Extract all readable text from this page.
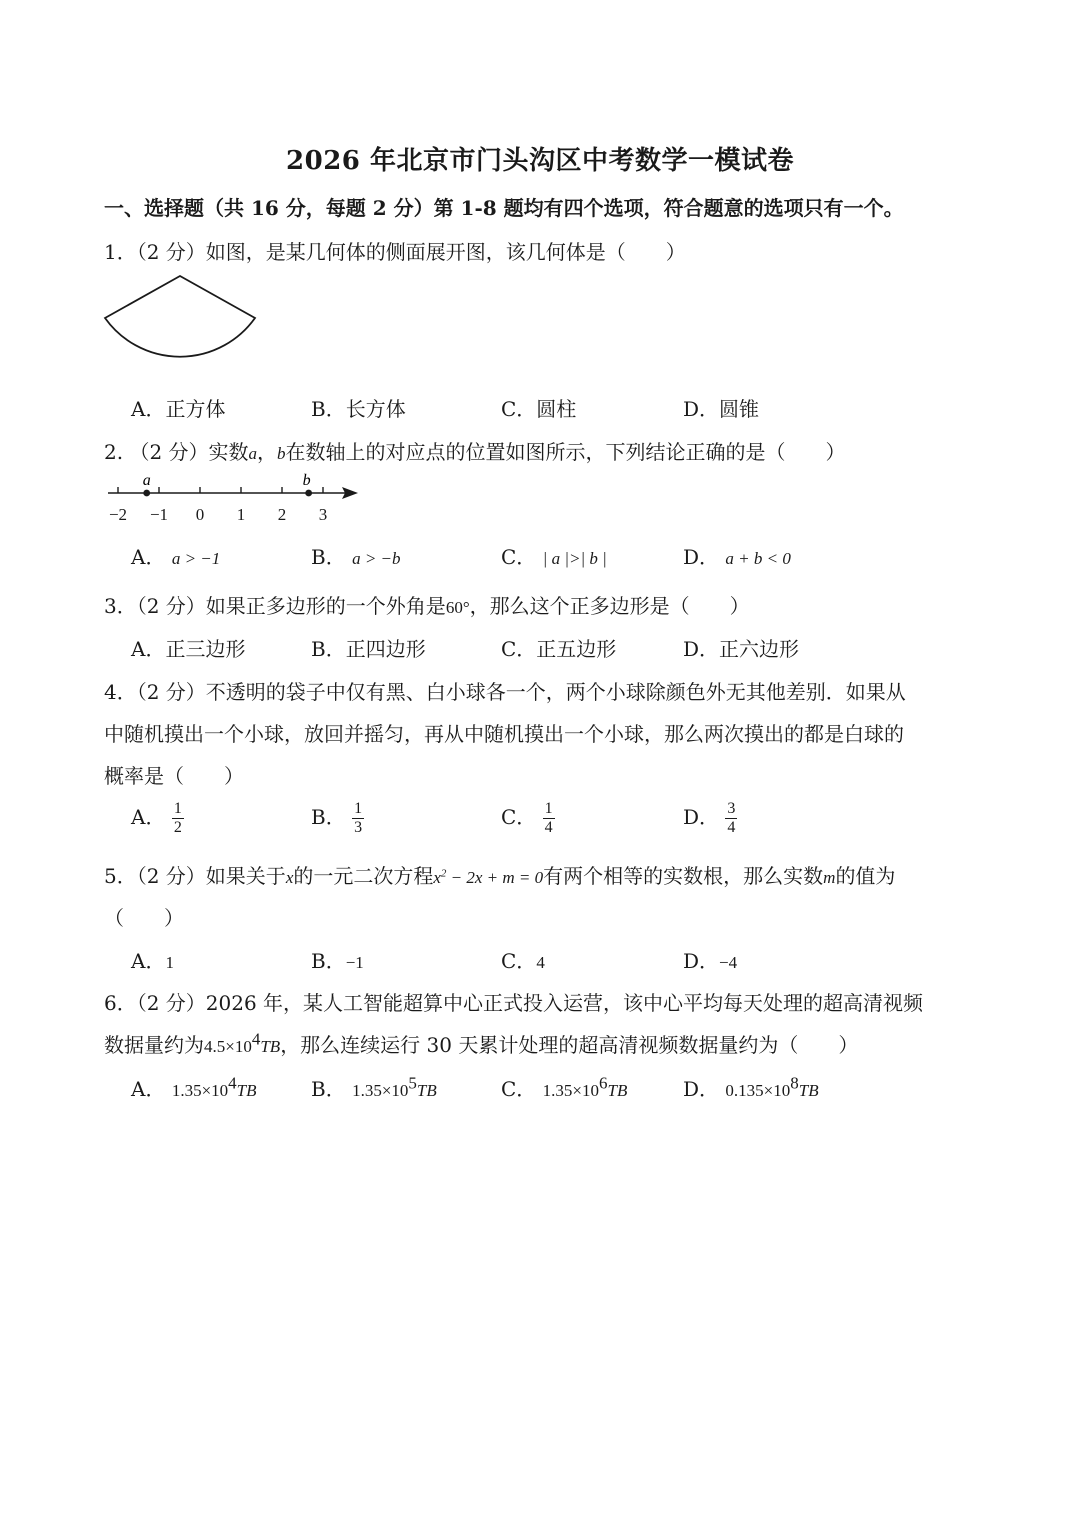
2026 年北京市门头沟区中考数学一模试卷
一、选择题（共 16 分，每题 2 分）第 1-8 题均有四个选项，符合题意的选项只有一个。
1．（2 分）如图，是某几何体的侧面展开图，该几何体是（　　）
A．正方体	B．长方体	C．圆柱	D．圆锥
2. （2 分）实数a，b在数轴上的对应点的位置如图所示，下列结论正确的是（　　）
−2 −1 0 1 2 3
a	b
A． a > −1	B． a > −b	C． | a |>| b |	D． a + b < 0
3．（2 分）如果正多边形的一个外角是60°，那么这个正多边形是（　　）
A．正三边形	B．正四边形	C．正五边形	D．正六边形
4．（2 分）不透明的袋子中仅有黑、白小球各一个，两个小球除颜色外无其他差别．如果从
中随机摸出一个小球，放回并摇匀，再从中随机摸出一个小球，那么两次摸出的都是白球的
概率是（　　）
A． $\frac{1}{2}$	B． $\frac{1}{3}$	C． $\frac{1}{4}$	D． $\frac{3}{4}$
5．（2 分）如果关于x的一元二次方程$x^2 - 2x + m = 0$有两个相等的实数根，那么实数m的值为
（　　）
A．1	B．−1	C．4	D．−4
6．（2 分）2026 年，某人工智能超算中心正式投入运营，该中心平均每天处理的超高清视频
数据量约为$4.5\times 10^4TB$，那么连续运行 30 天累计处理的超高清视频数据量约为（　　）
A． $1.35\times 10^4TB$	B． $1.35\times 10^5TB$	C． $1.35\times 10^6TB$	D． $0.135\times 10^8TB$
